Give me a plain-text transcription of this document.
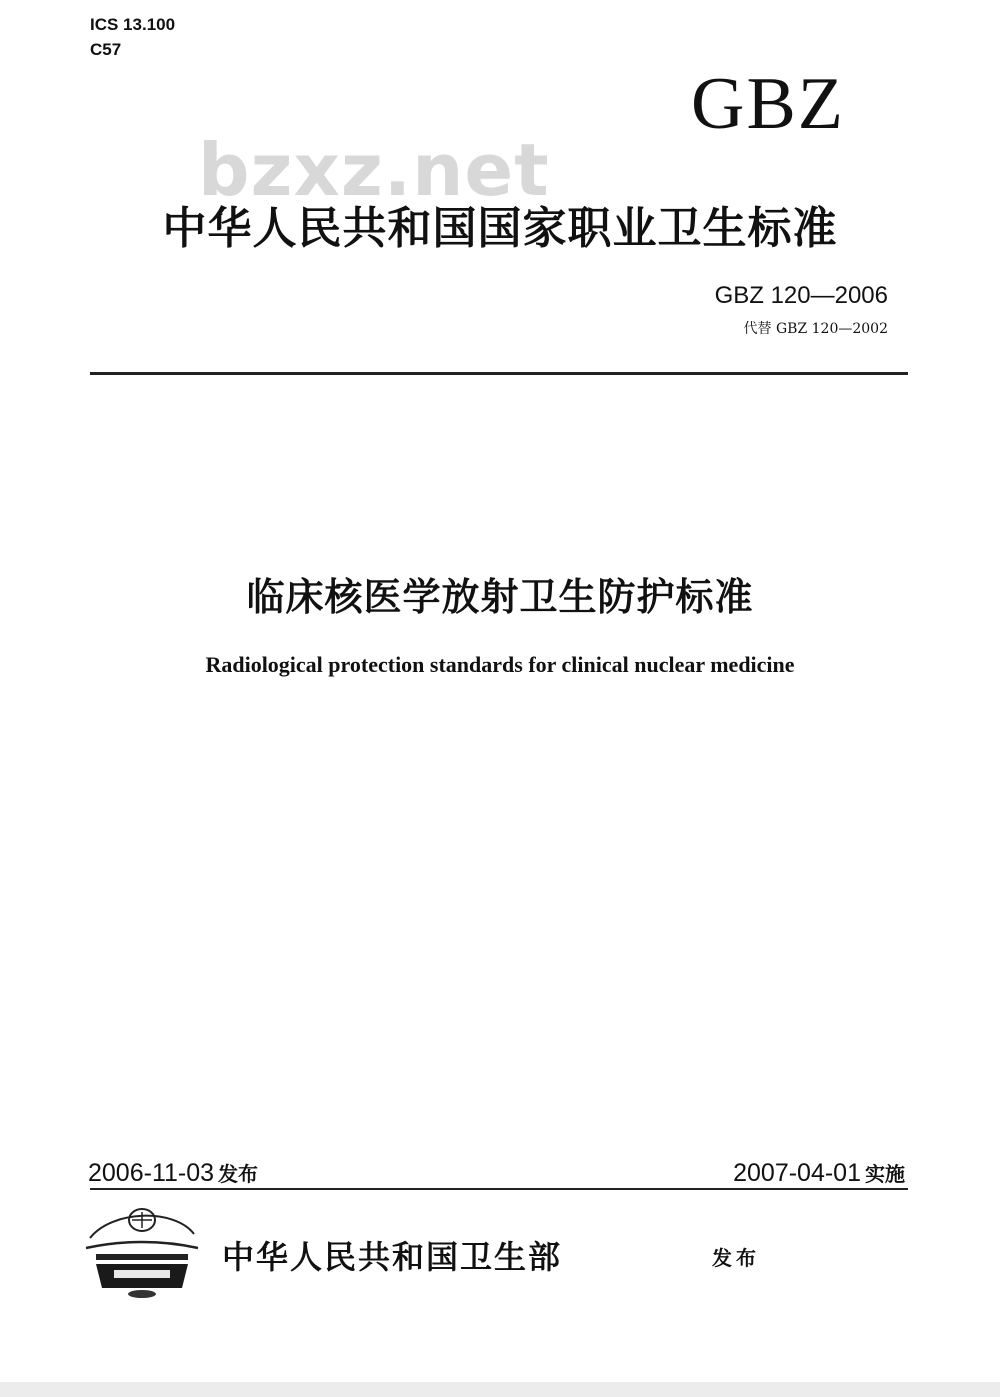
ICS 13.100
C57
GBZ
bzxz.net
中华人民共和国国家职业卫生标准
GBZ 120—2006
代替 GBZ 120—2002
临床核医学放射卫生防护标准
Radiological protection standards for clinical nuclear medicine
2006-11-03 发布	2007-04-01 实施
中华人民共和国卫生部	发布
